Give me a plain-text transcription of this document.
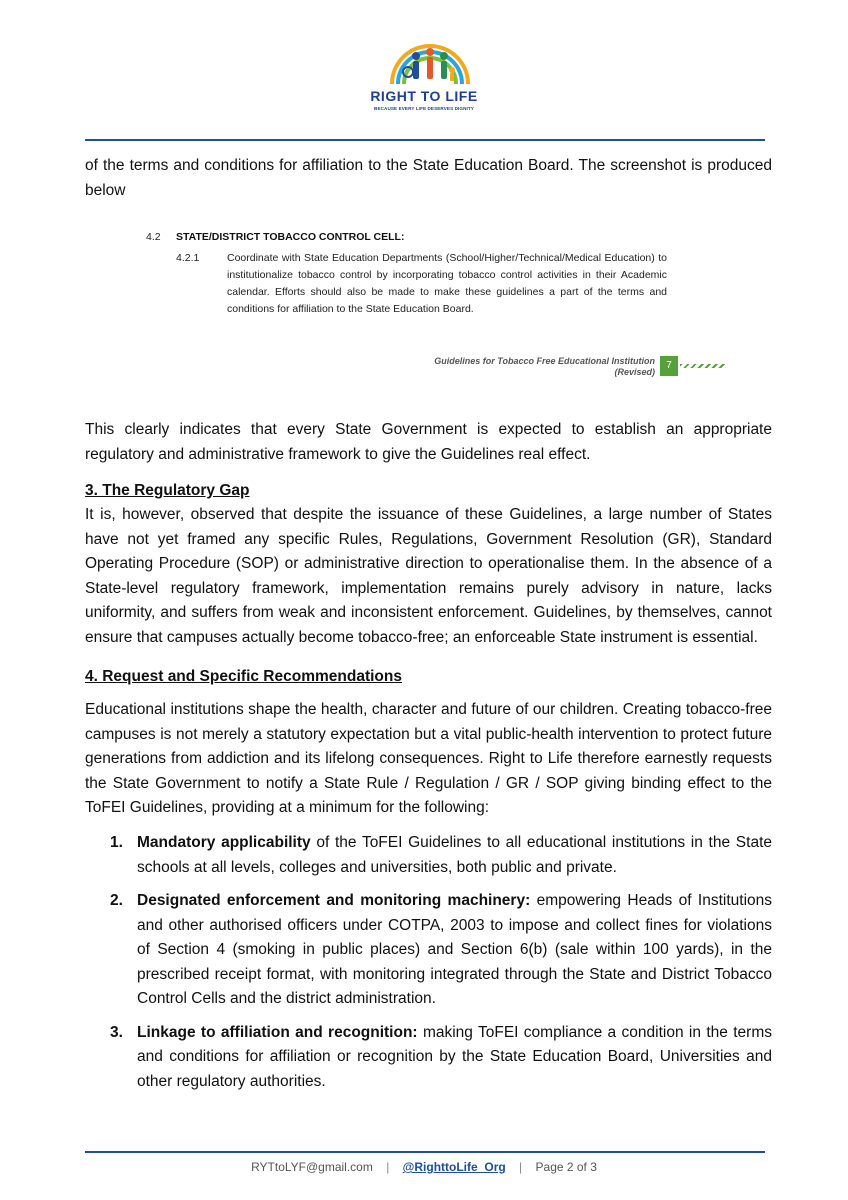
RIGHT TO LIFE
BECAUSE EVERY LIFE DESERVES DIGNITY

of the terms and conditions for affiliation to the State Education Board. The screenshot is produced below

4.2 STATE/DISTRICT TOBACCO CONTROL CELL:
4.2.1	Coordinate with State Education Departments (School/Higher/Technical/Medical Education) to institutionalize tobacco control by incorporating tobacco control activities in their Academic calendar. Efforts should also be made to make these guidelines a part of the terms and conditions for affiliation to the State Education Board.
Guidelines for Tobacco Free Educational Institution
(Revised)
7

This clearly indicates that every State Government is expected to establish an appropriate regulatory and administrative framework to give the Guidelines real effect.

3. The Regulatory Gap

It is, however, observed that despite the issuance of these Guidelines, a large number of States have not yet framed any specific Rules, Regulations, Government Resolution (GR), Standard Operating Procedure (SOP) or administrative direction to operationalise them. In the absence of a State-level regulatory framework, implementation remains purely advisory in nature, lacks uniformity, and suffers from weak and inconsistent enforcement. Guidelines, by themselves, cannot ensure that campuses actually become tobacco-free; an enforceable State instrument is essential.

4. Request and Specific Recommendations

Educational institutions shape the health, character and future of our children. Creating tobacco-free campuses is not merely a statutory expectation but a vital public-health intervention to protect future generations from addiction and its lifelong consequences. Right to Life therefore earnestly requests the State Government to notify a State Rule / Regulation / GR / SOP giving binding effect to the ToFEI Guidelines, providing at a minimum for the following:

1. Mandatory applicability of the ToFEI Guidelines to all educational institutions in the State schools at all levels, colleges and universities, both public and private.
2. Designated enforcement and monitoring machinery: empowering Heads of Institutions and other authorised officers under COTPA, 2003 to impose and collect fines for violations of Section 4 (smoking in public places) and Section 6(b) (sale within 100 yards), in the prescribed receipt format, with monitoring integrated through the State and District Tobacco Control Cells and the district administration.
3. Linkage to affiliation and recognition: making ToFEI compliance a condition in the terms and conditions for affiliation or recognition by the State Education Board, Universities and other regulatory authorities.
RYTtoLYF@gmail.com | @RighttoLife_Org | Page 2 of 3
